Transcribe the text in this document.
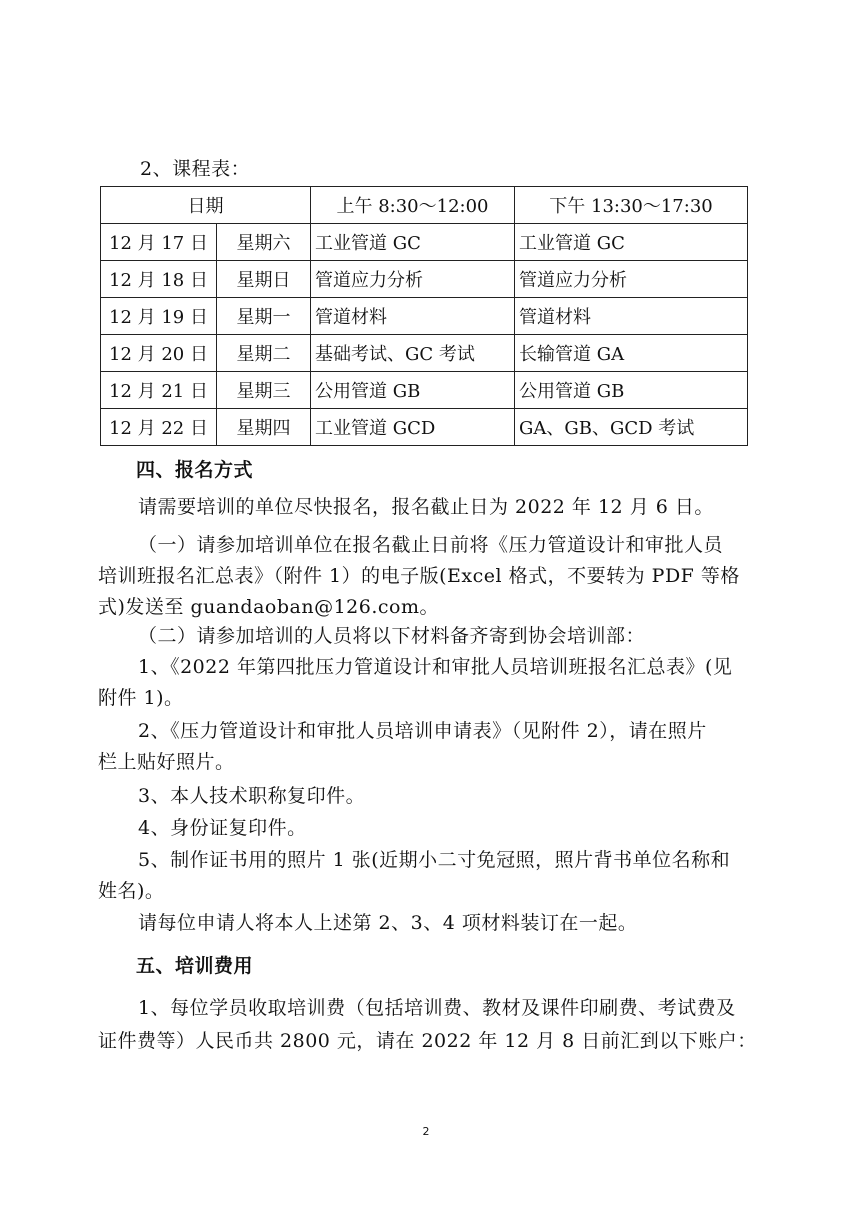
2、课程表：
日期		上午 8:30～12:00	下午 13:30～17:30
12 月 17 日	星期六	工业管道 GC	工业管道 GC
12 月 18 日	星期日	管道应力分析	管道应力分析
12 月 19 日	星期一	管道材料	管道材料
12 月 20 日	星期二	基础考试、GC 考试	长输管道 GA
12 月 21 日	星期三	公用管道 GB	公用管道 GB
12 月 22 日	星期四	工业管道 GCD	GA、GB、GCD 考试
四、报名方式
请需要培训的单位尽快报名，报名截止日为 2022 年 12 月 6 日。
（一）请参加培训单位在报名截止日前将《压力管道设计和审批人员
培训班报名汇总表》（附件 1）的电子版(Excel 格式，不要转为 PDF 等格
式)发送至 guandaoban@126.com。
（二）请参加培训的人员将以下材料备齐寄到协会培训部：
1、《2022 年第四批压力管道设计和审批人员培训班报名汇总表》(见
附件 1)。
2、《压力管道设计和审批人员培训申请表》（见附件 2），请在照片
栏上贴好照片。
3、本人技术职称复印件。
4、身份证复印件。
5、制作证书用的照片 1 张(近期小二寸免冠照，照片背书单位名称和
姓名)。
请每位申请人将本人上述第 2、3、4 项材料装订在一起。
五、培训费用
1、每位学员收取培训费（包括培训费、教材及课件印刷费、考试费及
证件费等）人民币共 2800 元，请在 2022 年 12 月 8 日前汇到以下账户：
2
